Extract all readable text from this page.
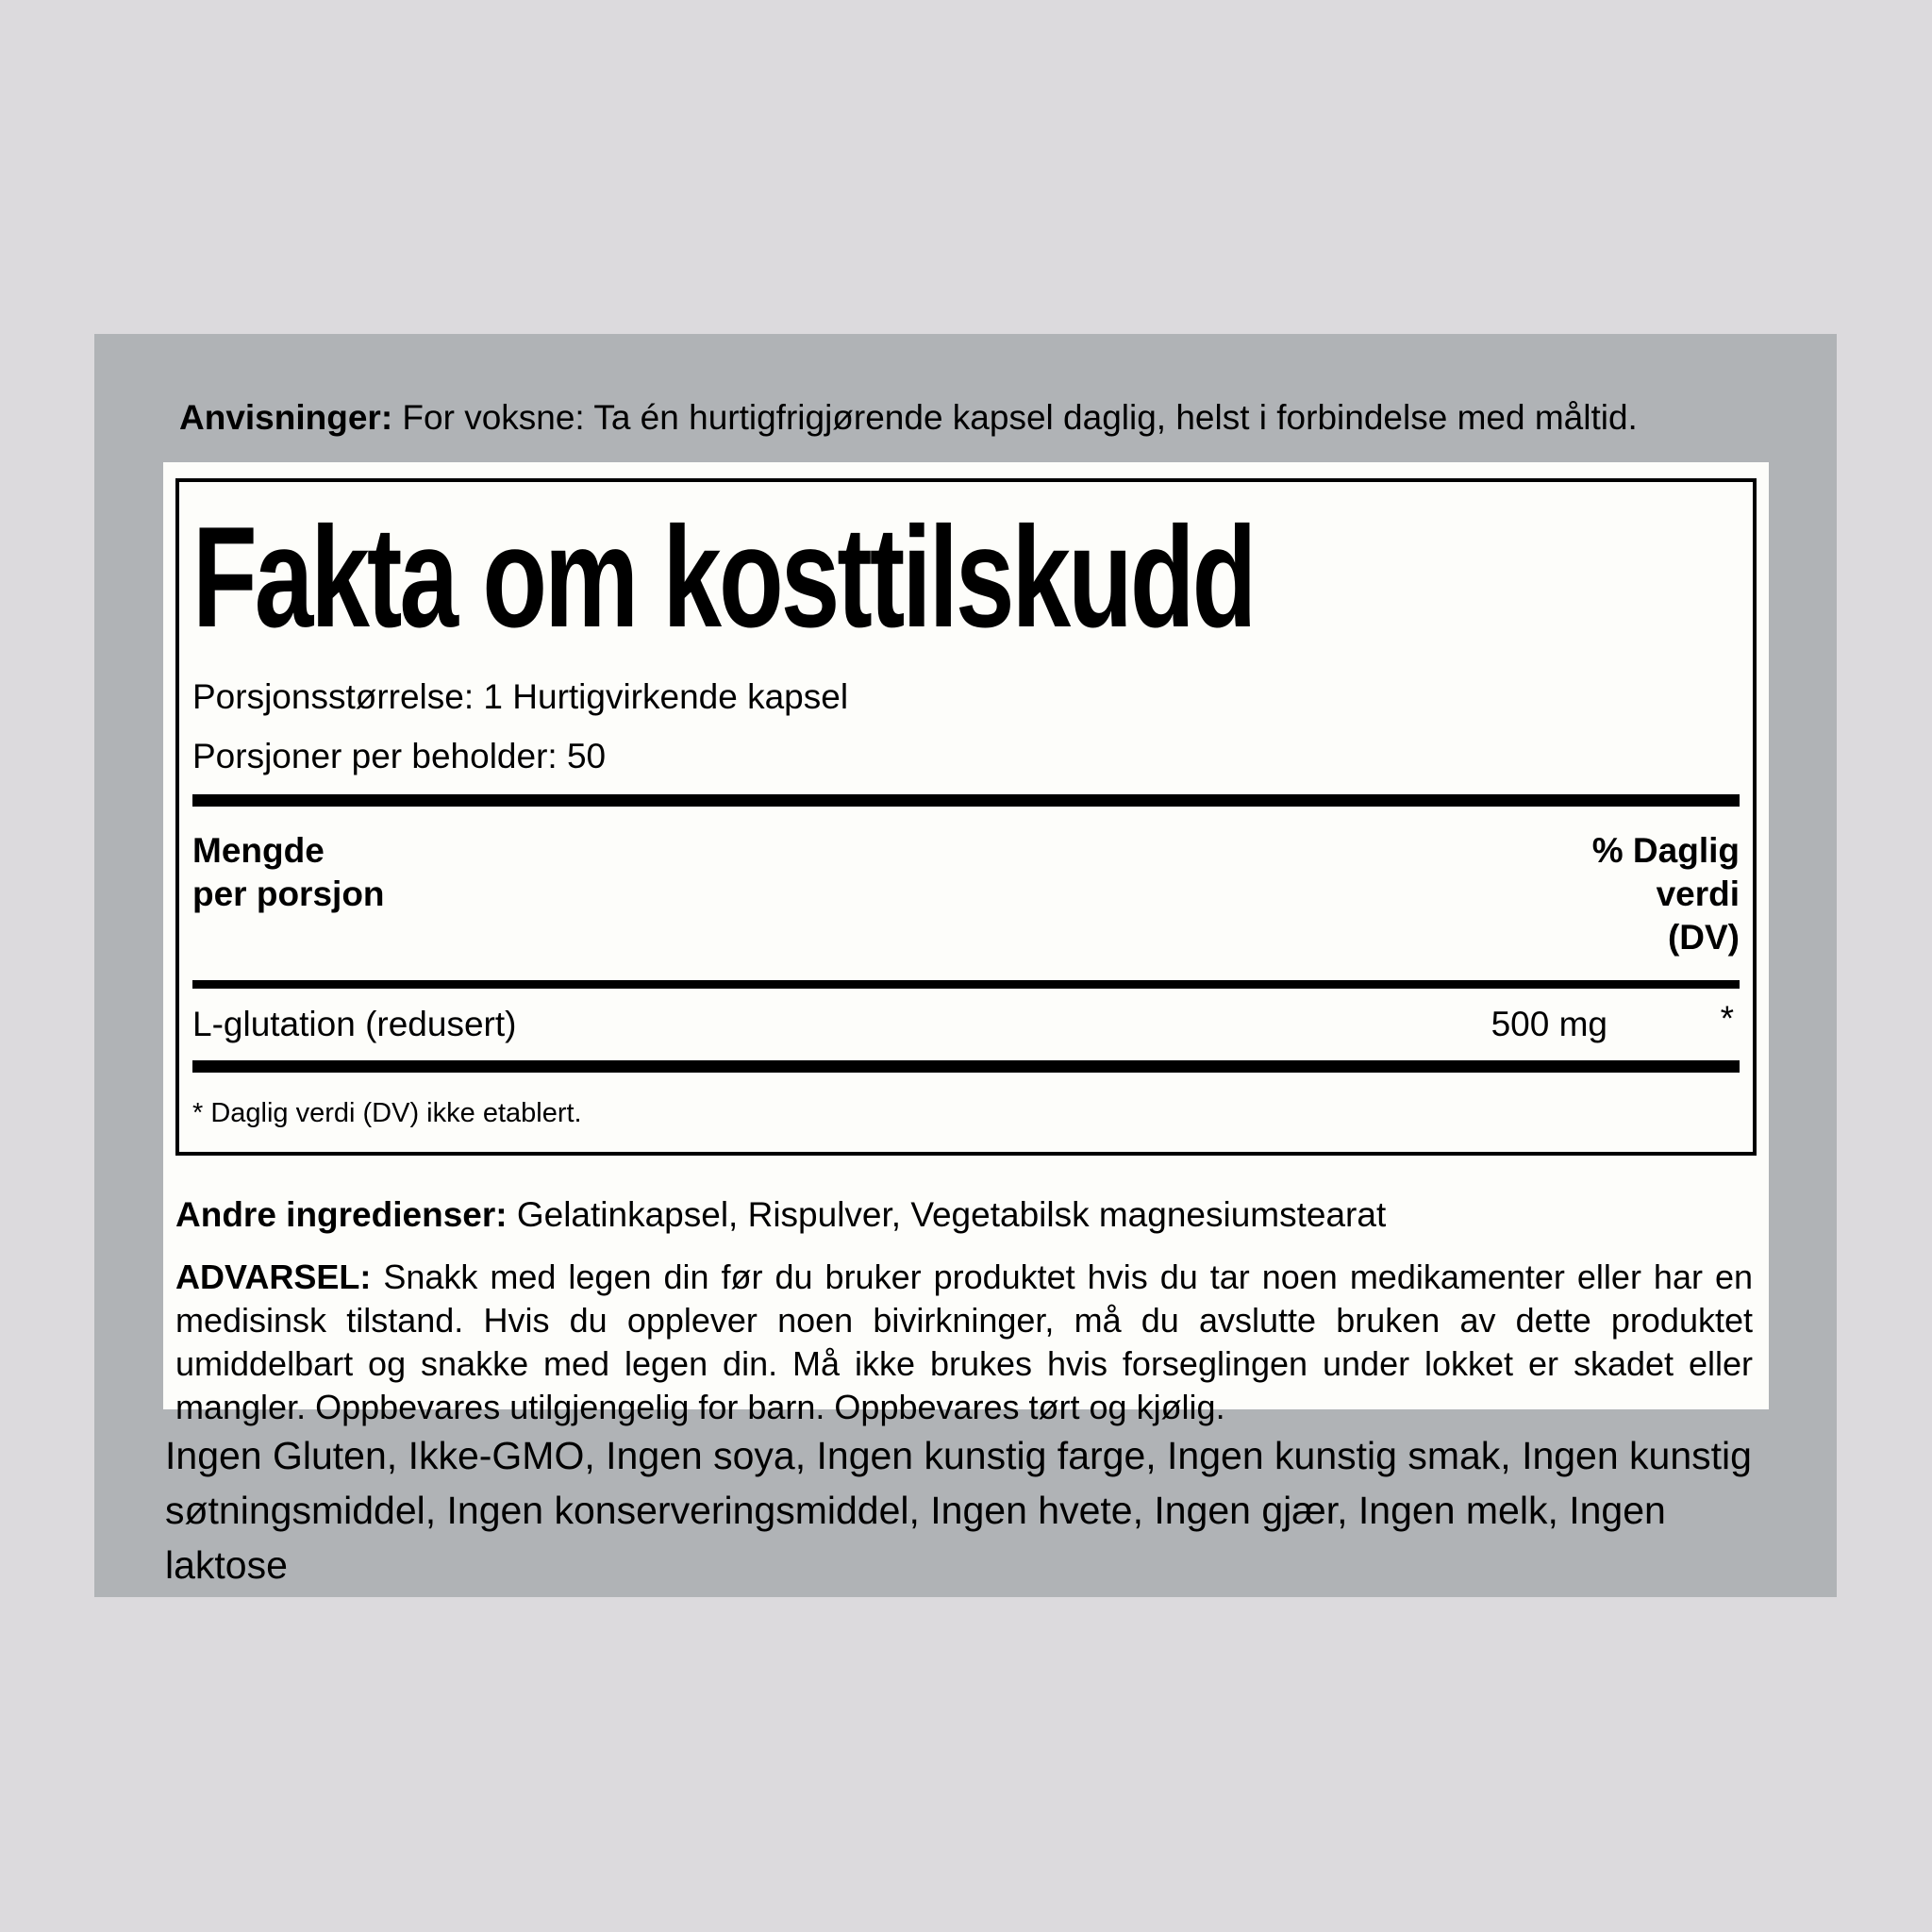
Anvisninger: For voksne: Ta én hurtigfrigjørende kapsel daglig, helst i forbindelse med måltid.
Fakta om kosttilskudd
Porsjonsstørrelse: 1 Hurtigvirkende kapsel
Porsjoner per beholder: 50
Mengde
per porsjon
% Daglig
verdi
(DV)
L-glutation (redusert)	500 mg	*
* Daglig verdi (DV) ikke etablert.
Andre ingredienser: Gelatinkapsel, Rispulver, Vegetabilsk magnesiumstearat
ADVARSEL: Snakk med legen din før du bruker produktet hvis du tar noen medikamenter eller har en medisinsk tilstand. Hvis du opplever noen bivirkninger, må du avslutte bruken av dette produktet umiddelbart og snakke med legen din. Må ikke brukes hvis forseglingen under lokket er skadet eller mangler. Oppbevares utilgjengelig for barn. Oppbevares tørt og kjølig.
Ingen Gluten, Ikke-GMO, Ingen soya, Ingen kunstig farge, Ingen kunstig smak, Ingen kunstig søtningsmiddel, Ingen konserveringsmiddel, Ingen hvete, Ingen gjær, Ingen melk, Ingen laktose
